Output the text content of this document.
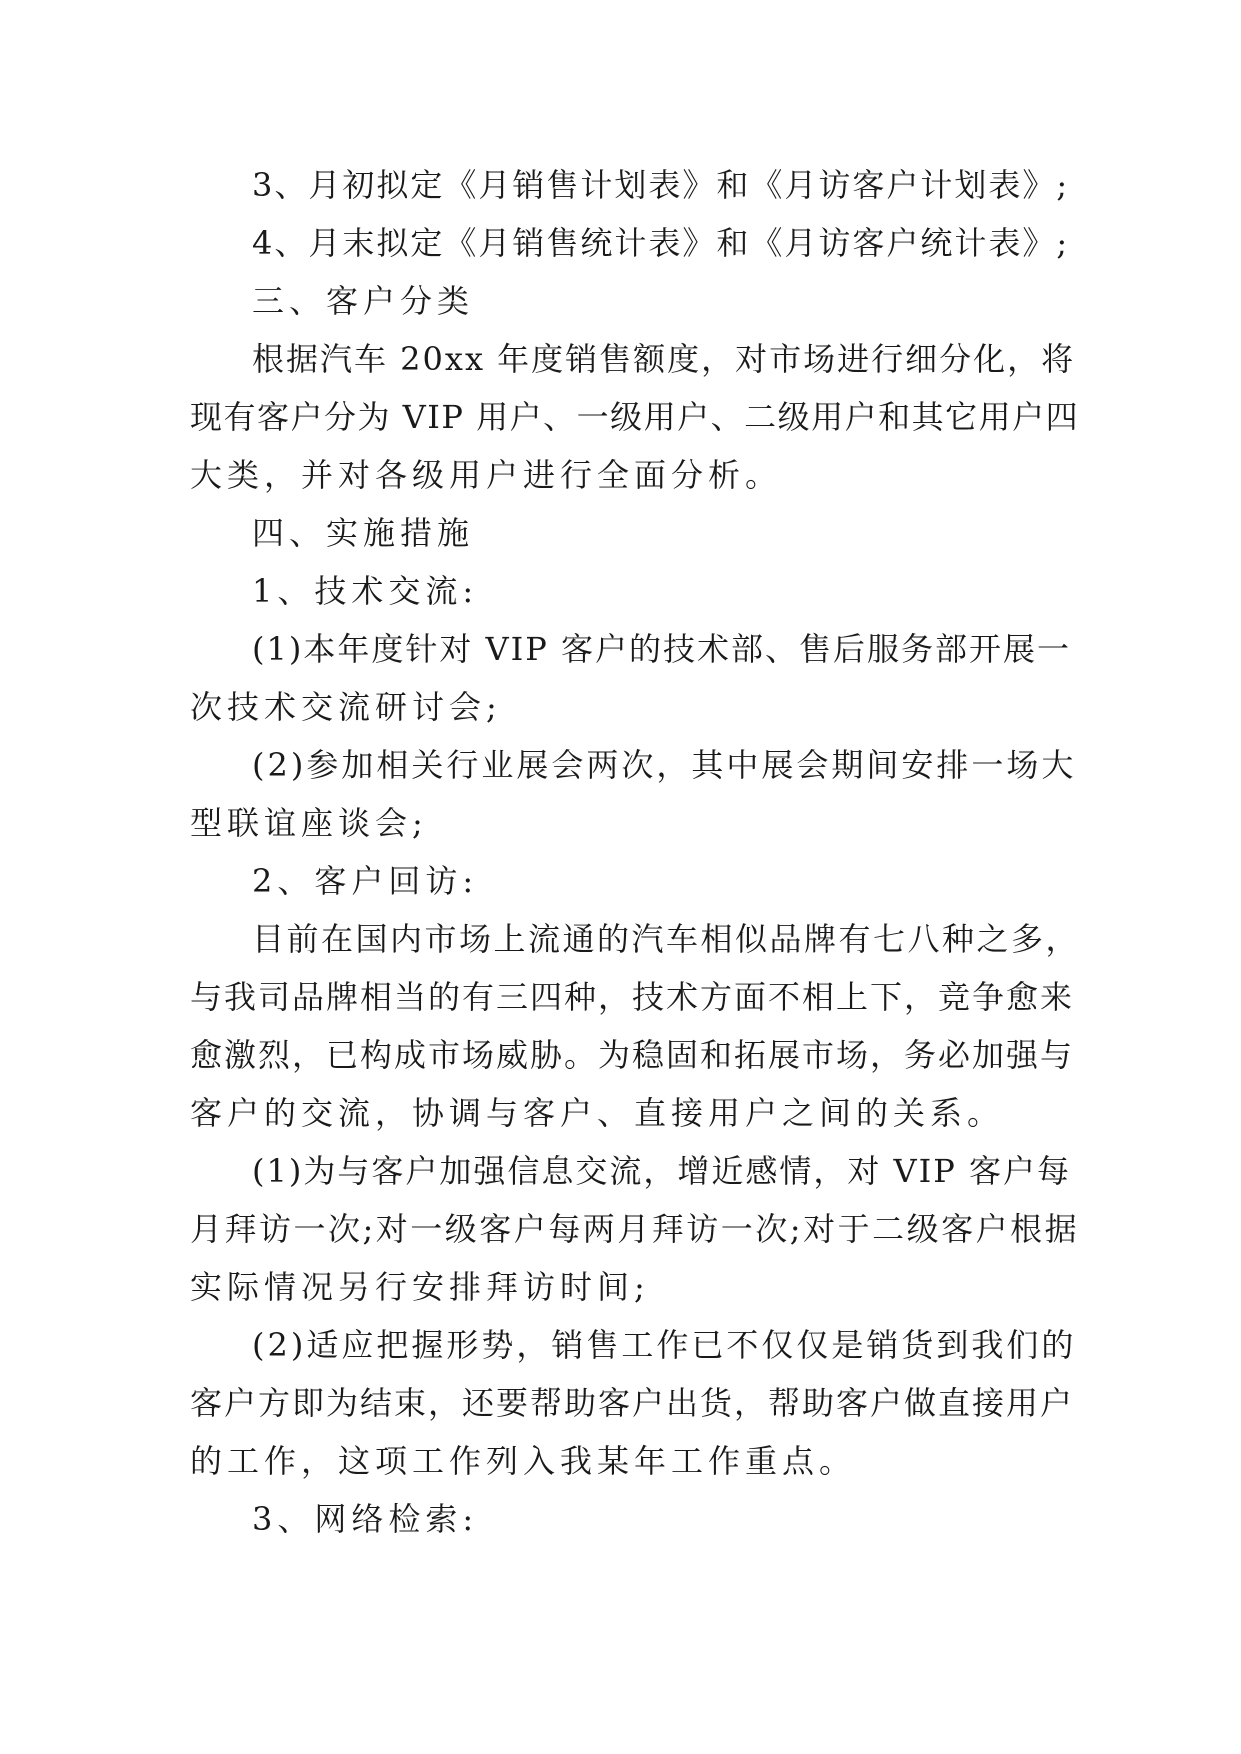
3、月初拟定《月销售计划表》和《月访客户计划表》;
4、月末拟定《月销售统计表》和《月访客户统计表》;
三、客户分类
根据汽车 20xx 年度销售额度，对市场进行细分化，将
现有客户分为 VIP 用户、一级用户、二级用户和其它用户四
大类，并对各级用户进行全面分析。
四、实施措施
1、技术交流:
(1)本年度针对 VIP 客户的技术部、售后服务部开展一
次技术交流研讨会;
(2)参加相关行业展会两次，其中展会期间安排一场大
型联谊座谈会;
2、客户回访:
目前在国内市场上流通的汽车相似品牌有七八种之多，
与我司品牌相当的有三四种，技术方面不相上下，竞争愈来
愈激烈，已构成市场威胁。为稳固和拓展市场，务必加强与
客户的交流，协调与客户、直接用户之间的关系。
(1)为与客户加强信息交流，增近感情，对 VIP 客户每
月拜访一次;对一级客户每两月拜访一次;对于二级客户根据
实际情况另行安排拜访时间;
(2)适应把握形势，销售工作已不仅仅是销货到我们的
客户方即为结束，还要帮助客户出货，帮助客户做直接用户
的工作，这项工作列入我某年工作重点。
3、网络检索:
